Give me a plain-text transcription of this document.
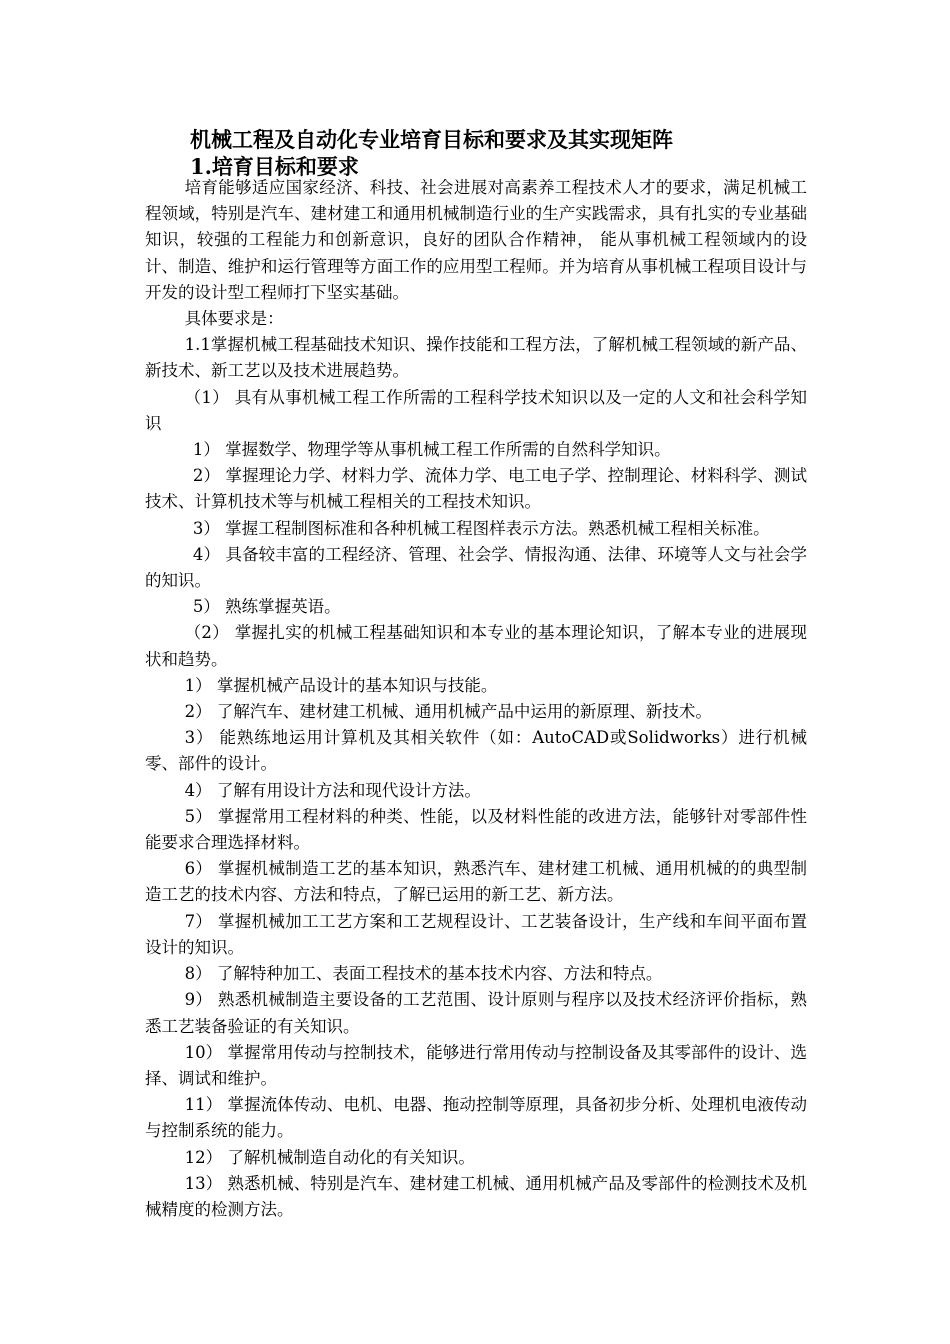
机械工程及自动化专业培育目标和要求及其实现矩阵
1.培育目标和要求

培育能够适应国家经济、科技、社会进展对高素养工程技术人才的要求，满足机械工程领域，特别是汽车、建材建工和通用机械制造行业的生产实践需求，具有扎实的专业基础知识，较强的工程能力和创新意识，良好的团队合作精神， 能从事机械工程领域内的设计、制造、维护和运行管理等方面工作的应用型工程师。并为培育从事机械工程项目设计与开发的设计型工程师打下坚实基础。

具体要求是：

1.1掌握机械工程基础技术知识、操作技能和工程方法，了解机械工程领域的新产品、新技术、新工艺以及技术进展趋势。

（1） 具有从事机械工程工作所需的工程科学技术知识以及一定的人文和社会科学知识

1） 掌握数学、物理学等从事机械工程工作所需的自然科学知识。

2） 掌握理论力学、材料力学、流体力学、电工电子学、控制理论、材料科学、测试技术、计算机技术等与机械工程相关的工程技术知识。

3） 掌握工程制图标准和各种机械工程图样表示方法。熟悉机械工程相关标准。

4） 具备较丰富的工程经济、管理、社会学、情报沟通、法律、环境等人文与社会学的知识。

5） 熟练掌握英语。

（2） 掌握扎实的机械工程基础知识和本专业的基本理论知识，了解本专业的进展现状和趋势。

1） 掌握机械产品设计的基本知识与技能。

2） 了解汽车、建材建工机械、通用机械产品中运用的新原理、新技术。

3） 能熟练地运用计算机及其相关软件（如：AutoCAD或Solidworks）进行机械零、部件的设计。

4） 了解有用设计方法和现代设计方法。

5） 掌握常用工程材料的种类、性能，以及材料性能的改进方法，能够针对零部件性能要求合理选择材料。

6） 掌握机械制造工艺的基本知识，熟悉汽车、建材建工机械、通用机械的的典型制造工艺的技术内容、方法和特点，了解已运用的新工艺、新方法。

7） 掌握机械加工工艺方案和工艺规程设计、工艺装备设计，生产线和车间平面布置设计的知识。

8） 了解特种加工、表面工程技术的基本技术内容、方法和特点。

9） 熟悉机械制造主要设备的工艺范围、设计原则与程序以及技术经济评价指标，熟悉工艺装备验证的有关知识。

10） 掌握常用传动与控制技术，能够进行常用传动与控制设备及其零部件的设计、选择、调试和维护。

11） 掌握流体传动、电机、电器、拖动控制等原理，具备初步分析、处理机电液传动与控制系统的能力。

12） 了解机械制造自动化的有关知识。

13） 熟悉机械、特别是汽车、建材建工机械、通用机械产品及零部件的检测技术及机械精度的检测方法。
